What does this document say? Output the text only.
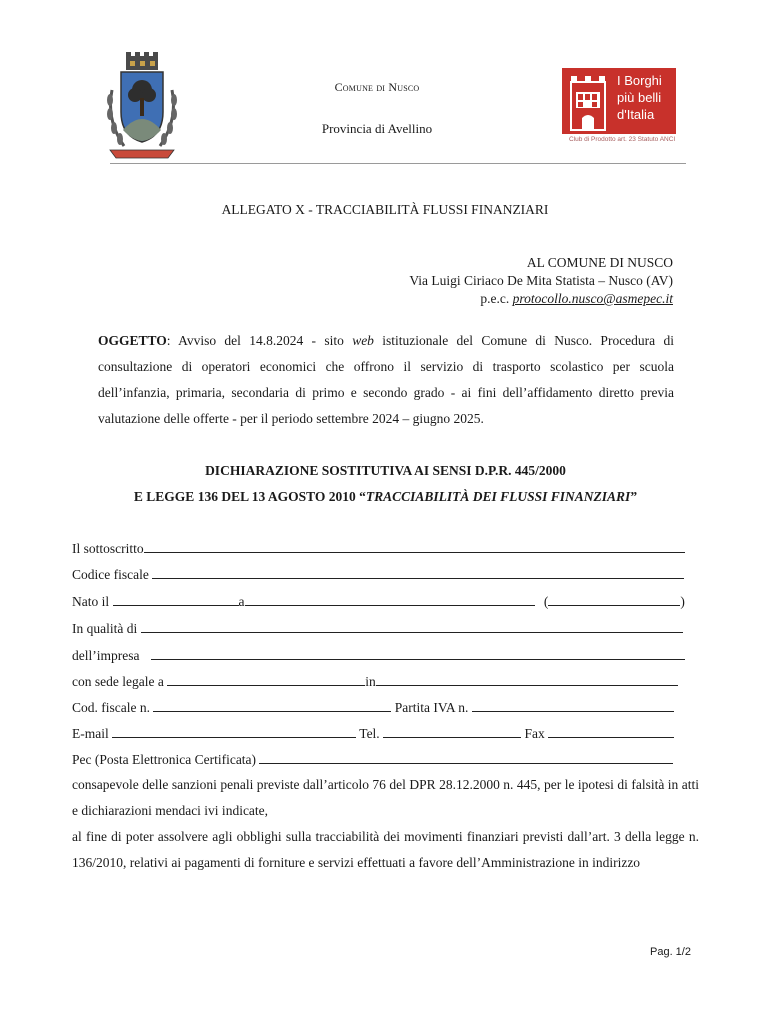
Comune di Nusco
Provincia di Avellino
I Borghi
più belli
d'Italia
Club di Prodotto art. 23 Statuto ANCI
ALLEGATO X - TRACCIABILITÀ FLUSSI FINANZIARI
AL COMUNE DI NUSCO
Via Luigi Ciriaco De Mita Statista – Nusco (AV)
p.e.c. protocollo.nusco@asmepec.it
OGGETTO: Avviso del 14.8.2024 - sito web istituzionale del Comune di Nusco. Procedura di consultazione di operatori economici che offrono il servizio di trasporto scolastico per scuola dell’infanzia, primaria, secondaria di primo e secondo grado - ai fini dell’affidamento diretto previa valutazione delle offerte - per il periodo settembre 2024 – giugno 2025.
DICHIARAZIONE SOSTITUTIVA AI SENSI D.P.R. 445/2000
E LEGGE 136 DEL 13 AGOSTO 2010 “TRACCIABILITÀ DEI FLUSSI FINANZIARI”
Il sottoscritto
Codice fiscale
Nato il	a	(	)
In qualità di
dell’impresa
con sede legale a	in
Cod. fiscale n.	Partita IVA n.
E-mail	Tel.	Fax
Pec (Posta Elettronica Certificata)
consapevole delle sanzioni penali previste dall’articolo 76 del DPR 28.12.2000 n. 445, per le ipotesi di falsità in atti e dichiarazioni mendaci ivi indicate,
al fine di poter assolvere agli obblighi sulla tracciabilità dei movimenti finanziari previsti dall’art. 3 della legge n. 136/2010, relativi ai pagamenti di forniture e servizi effettuati a favore dell’Amministrazione in indirizzo
Pag. 1/2
